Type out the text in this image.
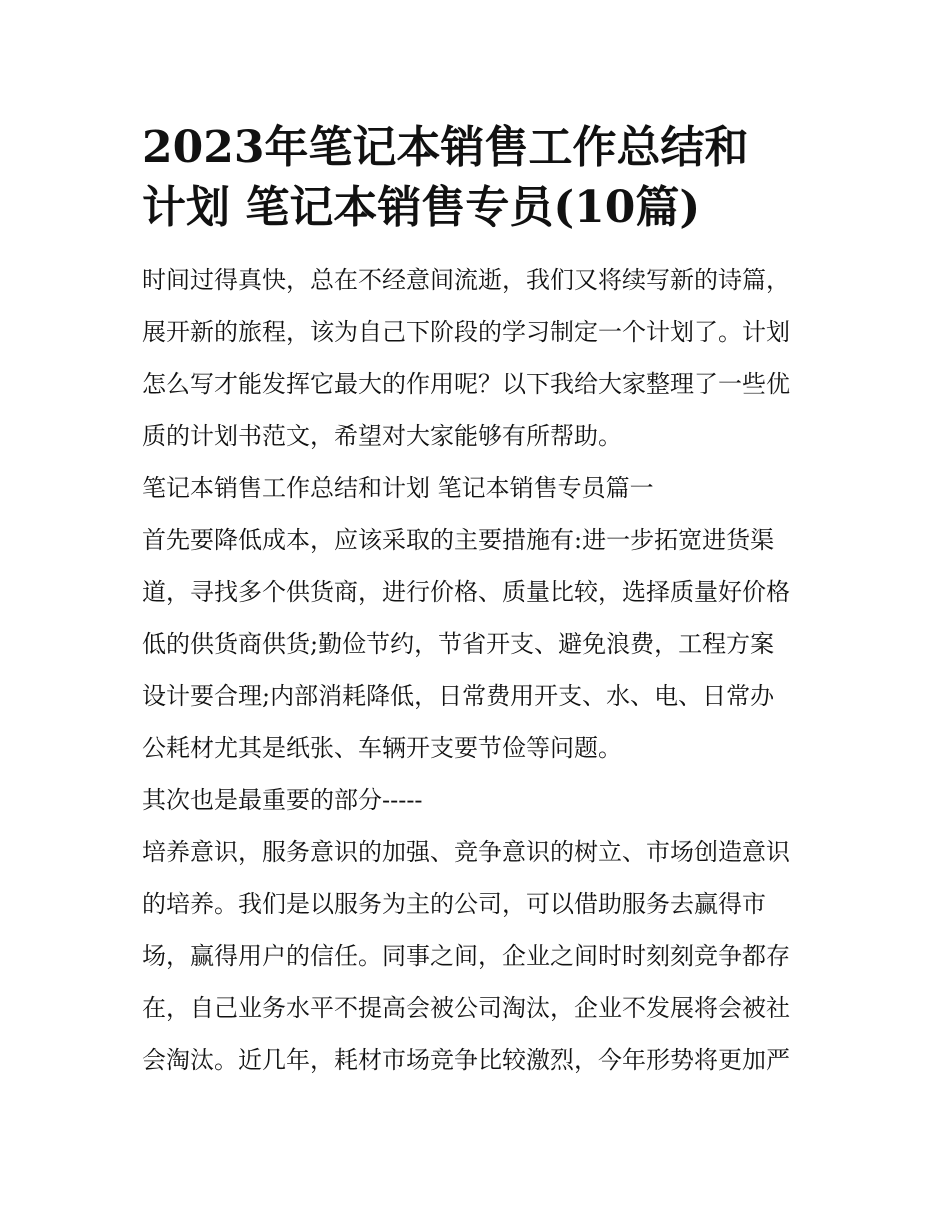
2023年笔记本销售工作总结和
计划 笔记本销售专员(10篇)
时间过得真快，总在不经意间流逝，我们又将续写新的诗篇，
展开新的旅程，该为自己下阶段的学习制定一个计划了。计划
怎么写才能发挥它最大的作用呢？以下我给大家整理了一些优
质的计划书范文，希望对大家能够有所帮助。
笔记本销售工作总结和计划 笔记本销售专员篇一
首先要降低成本，应该采取的主要措施有:进一步拓宽进货渠
道，寻找多个供货商，进行价格、质量比较，选择质量好价格
低的供货商供货;勤俭节约，节省开支、避免浪费，工程方案
设计要合理;内部消耗降低，日常费用开支、水、电、日常办
公耗材尤其是纸张、车辆开支要节俭等问题。
其次也是最重要的部分-----
培养意识，服务意识的加强、竞争意识的树立、市场创造意识
的培养。我们是以服务为主的公司，可以借助服务去赢得市
场，赢得用户的信任。同事之间，企业之间时时刻刻竞争都存
在，自己业务水平不提高会被公司淘汰，企业不发展将会被社
会淘汰。近几年，耗材市场竞争比较激烈，今年形势将更加严
